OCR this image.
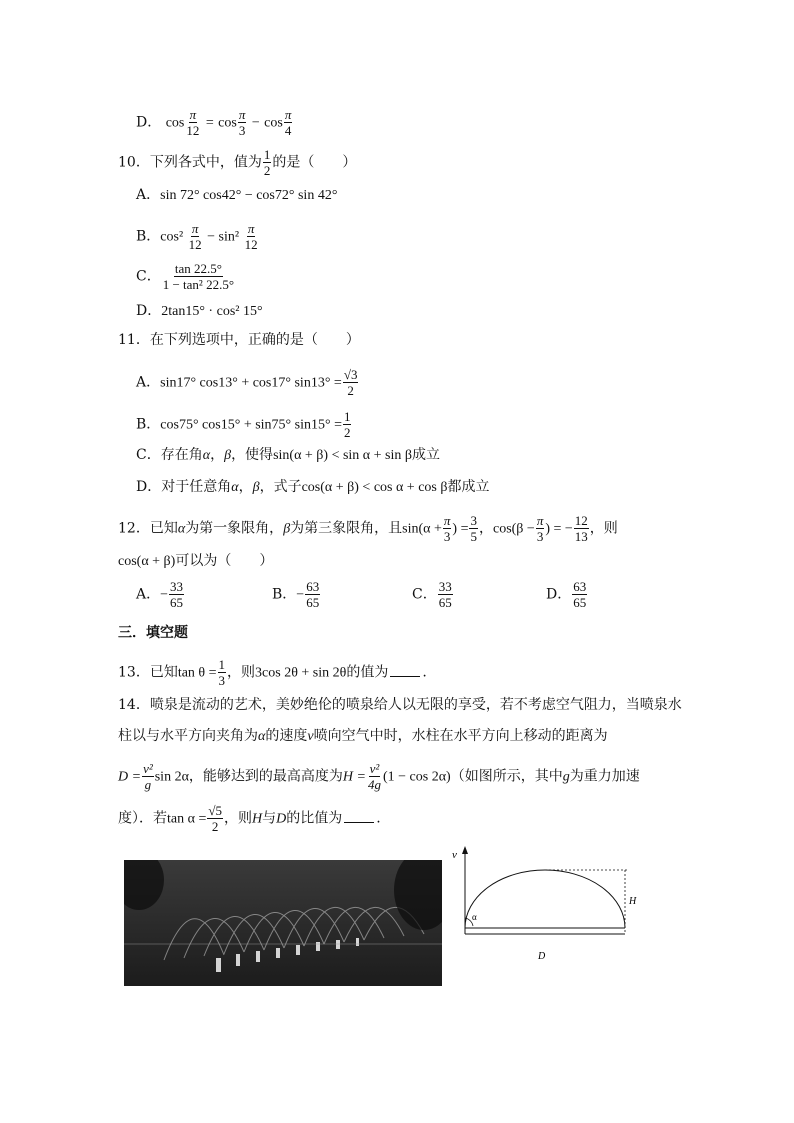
D． $\cos \frac{\pi}{12} = \cos \frac{\pi}{3} - \cos \frac{\pi}{4}$
10．下列各式中，值为 $\frac{1}{2}$ 的是（　　）
A．sin 72° cos42° − cos72° sin 42°
B．$\cos^2 \frac{\pi}{12} - \sin^2 \frac{\pi}{12}$
C． $\frac{\tan 22.5^\circ}{\text{1 − tan² 22.5°}}$
D．2tan15° · cos² 15°
11．在下列选项中，正确的是（　　）
A．sin17° cos13° + cos17° $\sin 13^\circ = \frac{√3}{2}$
B．cos75° cos15° + sin75° $\sin 15^\circ = \frac{1}{2}$
C．存在角α，β，使得sin(α + β) < sin α + sin β成立
D．对于任意角α，β，式子cos(α + β) < cos α + cos β都成立
12．已知α为第一象限角，β为第三象限角，且$\sin(\alpha + \frac{\pi}{3}$ ) = $\frac{3}{5}$ ，$\cos(\beta - \frac{\pi}{3}$ ) = − $\frac{12}{13}$ ，则
cos(α + β)可以为（　　）
A．− $\frac{33}{65}$	B．− $\frac{63}{65}$	C． $\frac{33}{65}$	D． $\frac{63}{65}$
三．填空题
13．已知$\tan \theta = \frac{1}{3}$ ，则3cos 2θ + sin 2θ的值为 .
14．喷泉是流动的艺术，美妙绝伦的喷泉给人以无限的享受，若不考虑空气阻力，当喷泉水
柱以与水平方向夹角为α的速度v喷向空气中时，水柱在水平方向上移动的距离为
$D = \frac{\text{v²}}{g}$ sin 2α，能够达到的最高高度为$H = \frac{\text{v²}}{4g} (1 - \cos 2\alpha)$（如图所示，其中g为重力加速
度）．若$\tan \alpha = \frac{√5}{2}$ ，则H与D的比值为 .
v
H
α
D
